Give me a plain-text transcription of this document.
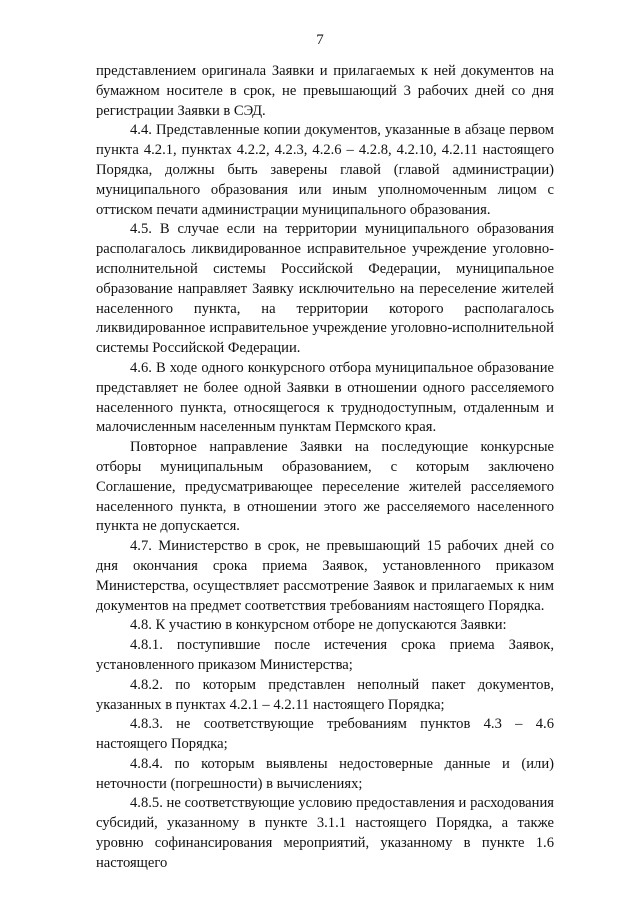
7

представлением оригинала Заявки и прилагаемых к ней документов на бумажном носителе в срок, не превышающий 3 рабочих дней со дня регистрации Заявки в СЭД.

4.4. Представленные копии документов, указанные в абзаце первом пункта 4.2.1, пунктах 4.2.2, 4.2.3, 4.2.6 – 4.2.8, 4.2.10, 4.2.11 настоящего Порядка, должны быть заверены главой (главой администрации) муниципального образования или иным уполномоченным лицом с оттиском печати администрации муниципального образования.

4.5. В случае если на территории муниципального образования располагалось ликвидированное исправительное учреждение уголовно-исполнительной системы Российской Федерации, муниципальное образование направляет Заявку исключительно на переселение жителей населенного пункта, на территории которого располагалось ликвидированное исправительное учреждение уголовно-исполнительной системы Российской Федерации.

4.6. В ходе одного конкурсного отбора муниципальное образование представляет не более одной Заявки в отношении одного расселяемого населенного пункта, относящегося к труднодоступным, отдаленным и малочисленным населенным пунктам Пермского края.

Повторное направление Заявки на последующие конкурсные отборы муниципальным образованием, с которым заключено Соглашение, предусматривающее переселение жителей расселяемого населенного пункта, в отношении этого же расселяемого населенного пункта не допускается.

4.7. Министерство в срок, не превышающий 15 рабочих дней со дня окончания срока приема Заявок, установленного приказом Министерства, осуществляет рассмотрение Заявок и прилагаемых к ним документов на предмет соответствия требованиям настоящего Порядка.

4.8. К участию в конкурсном отборе не допускаются Заявки:

4.8.1. поступившие после истечения срока приема Заявок, установленного приказом Министерства;

4.8.2. по которым представлен неполный пакет документов, указанных в пунктах 4.2.1 – 4.2.11 настоящего Порядка;

4.8.3. не соответствующие требованиям пунктов 4.3 – 4.6 настоящего Порядка;

4.8.4. по которым выявлены недостоверные данные и (или) неточности (погрешности) в вычислениях;

4.8.5. не соответствующие условию предоставления и расходования субсидий, указанному в пункте 3.1.1 настоящего Порядка, а также уровню софинансирования мероприятий, указанному в пункте 1.6 настоящего
